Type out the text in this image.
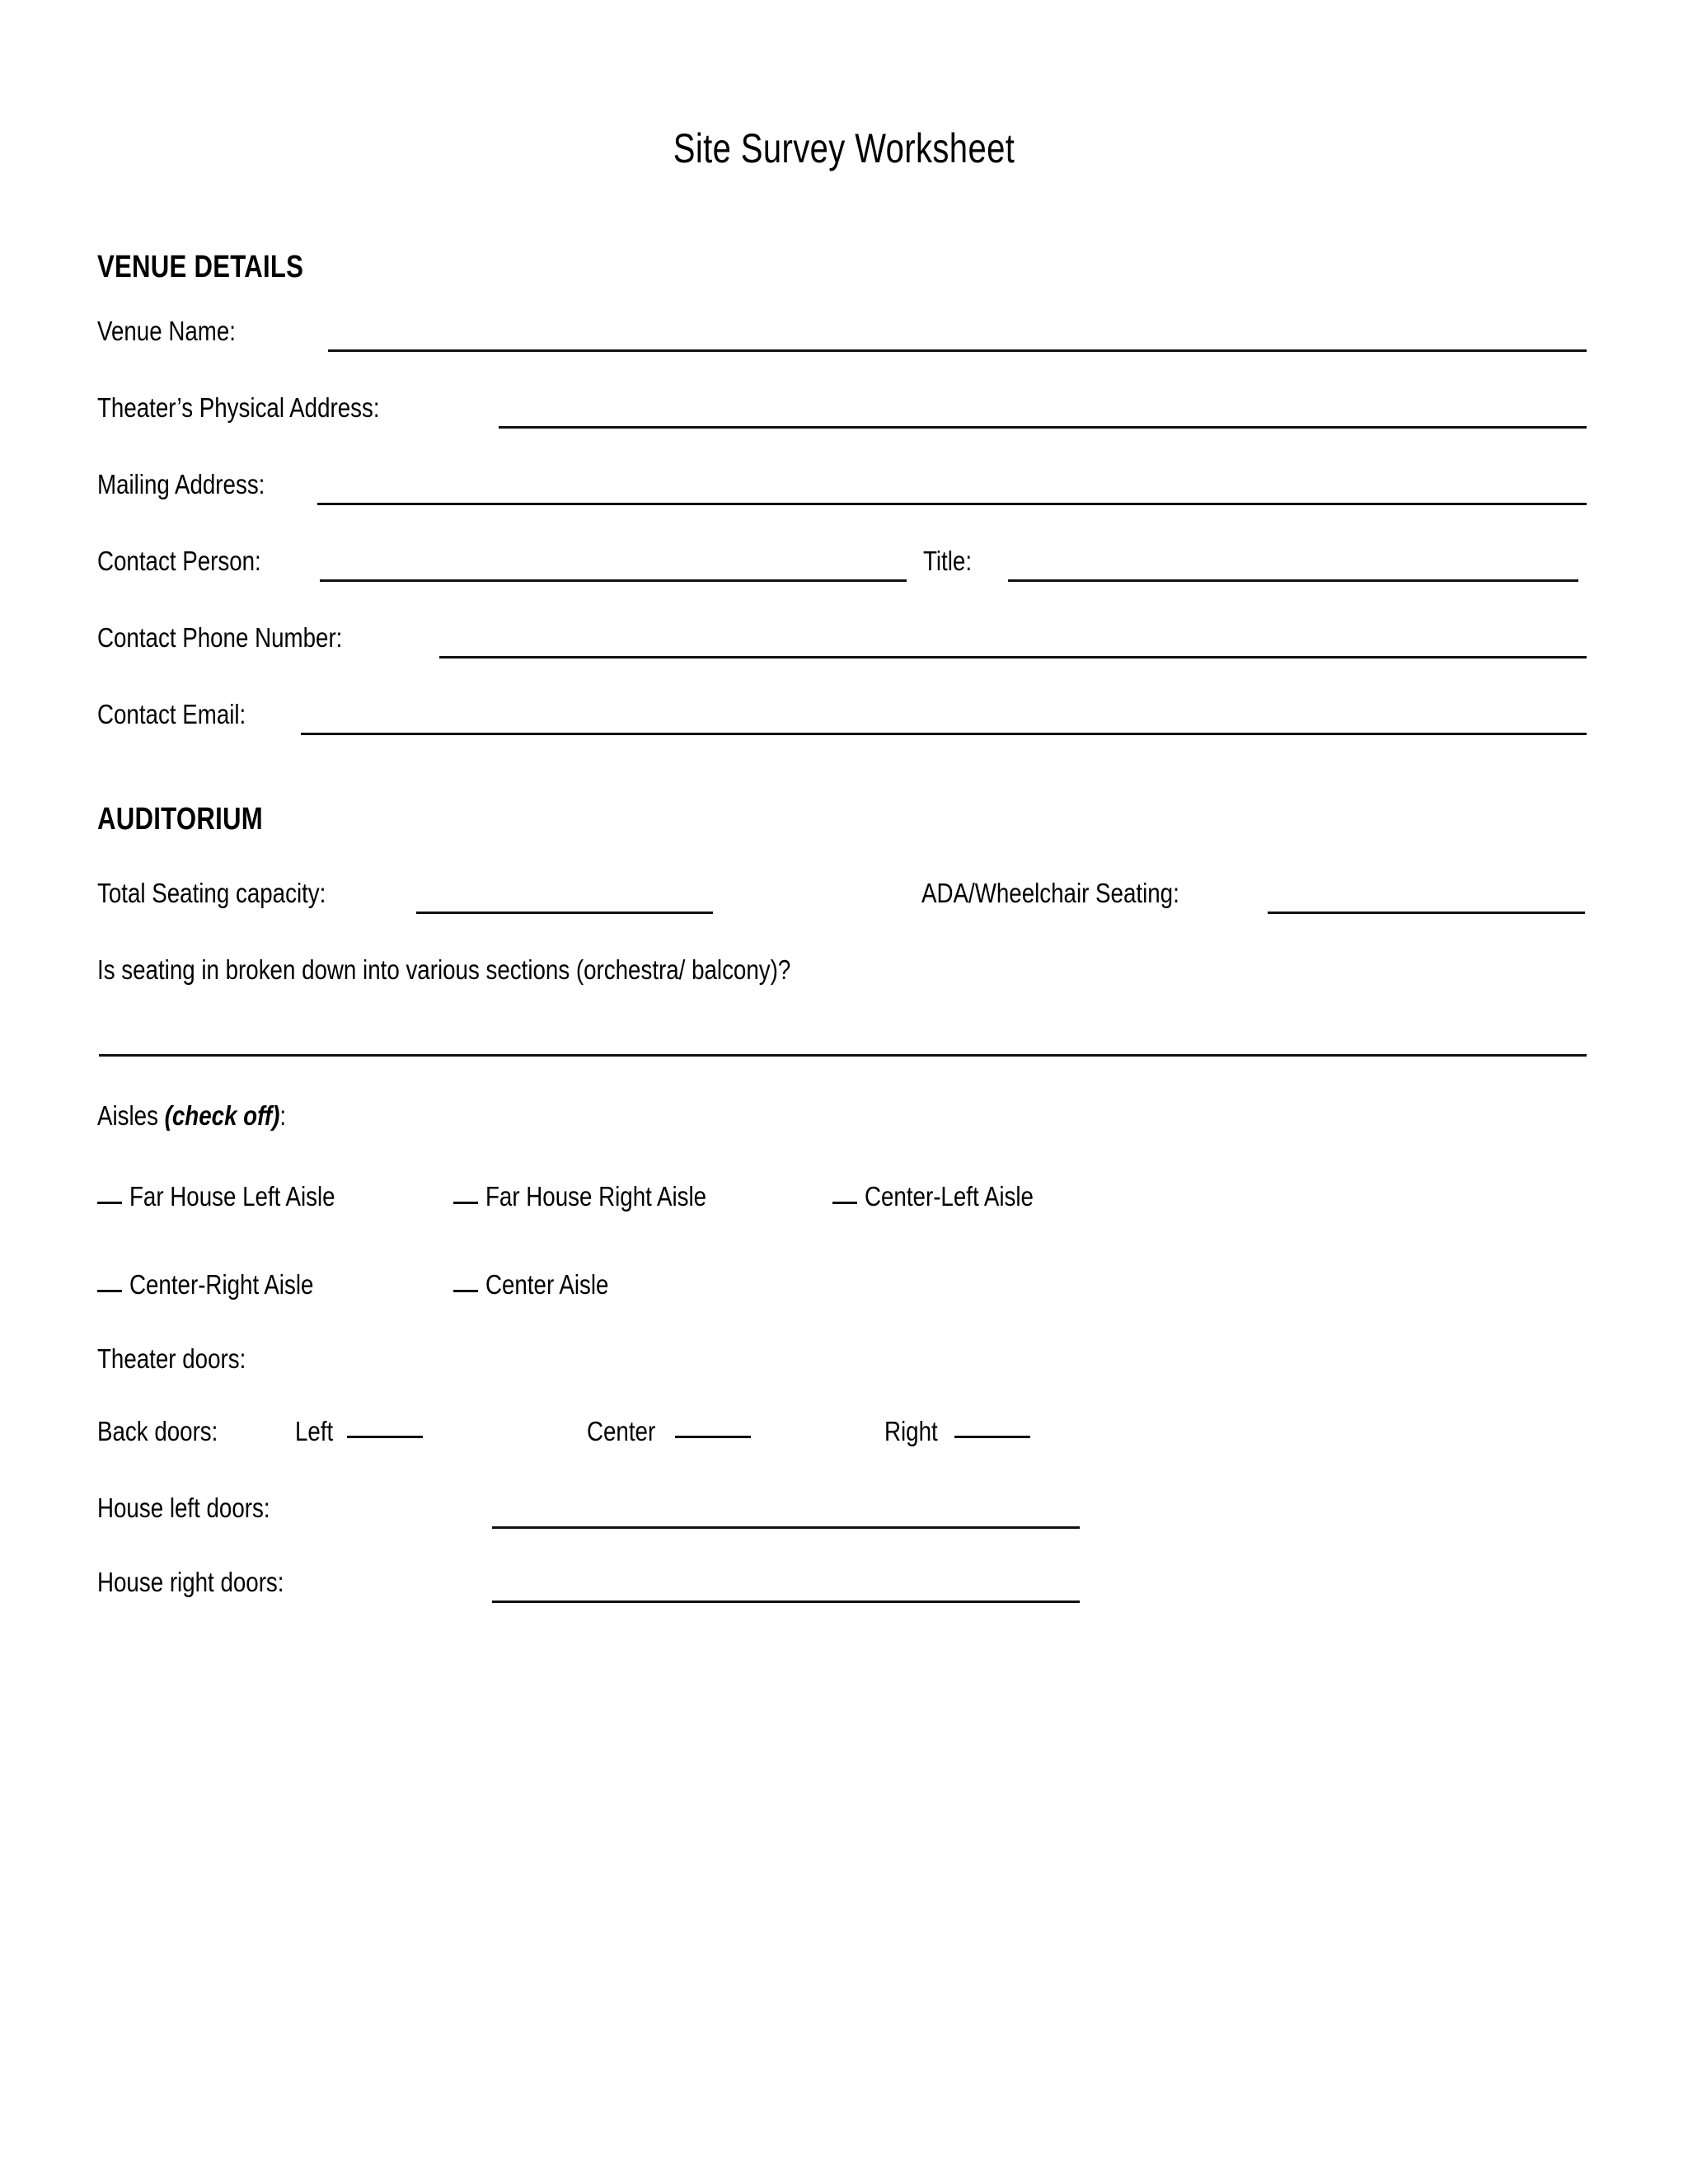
Site Survey Worksheet
VENUE DETAILS
Venue Name:
Theater’s Physical Address:
Mailing Address:
Contact Person:	Title:
Contact Phone Number:
Contact Email:
AUDITORIUM
Total Seating capacity:	ADA/Wheelchair Seating:
Is seating in broken down into various sections (orchestra/ balcony)?
Aisles (check off):
Far House Left Aisle	Far House Right Aisle	Center-Left Aisle
Center-Right Aisle	Center Aisle
Theater doors:
Back doors:	Left	Center	Right
House left doors:
House right doors:
